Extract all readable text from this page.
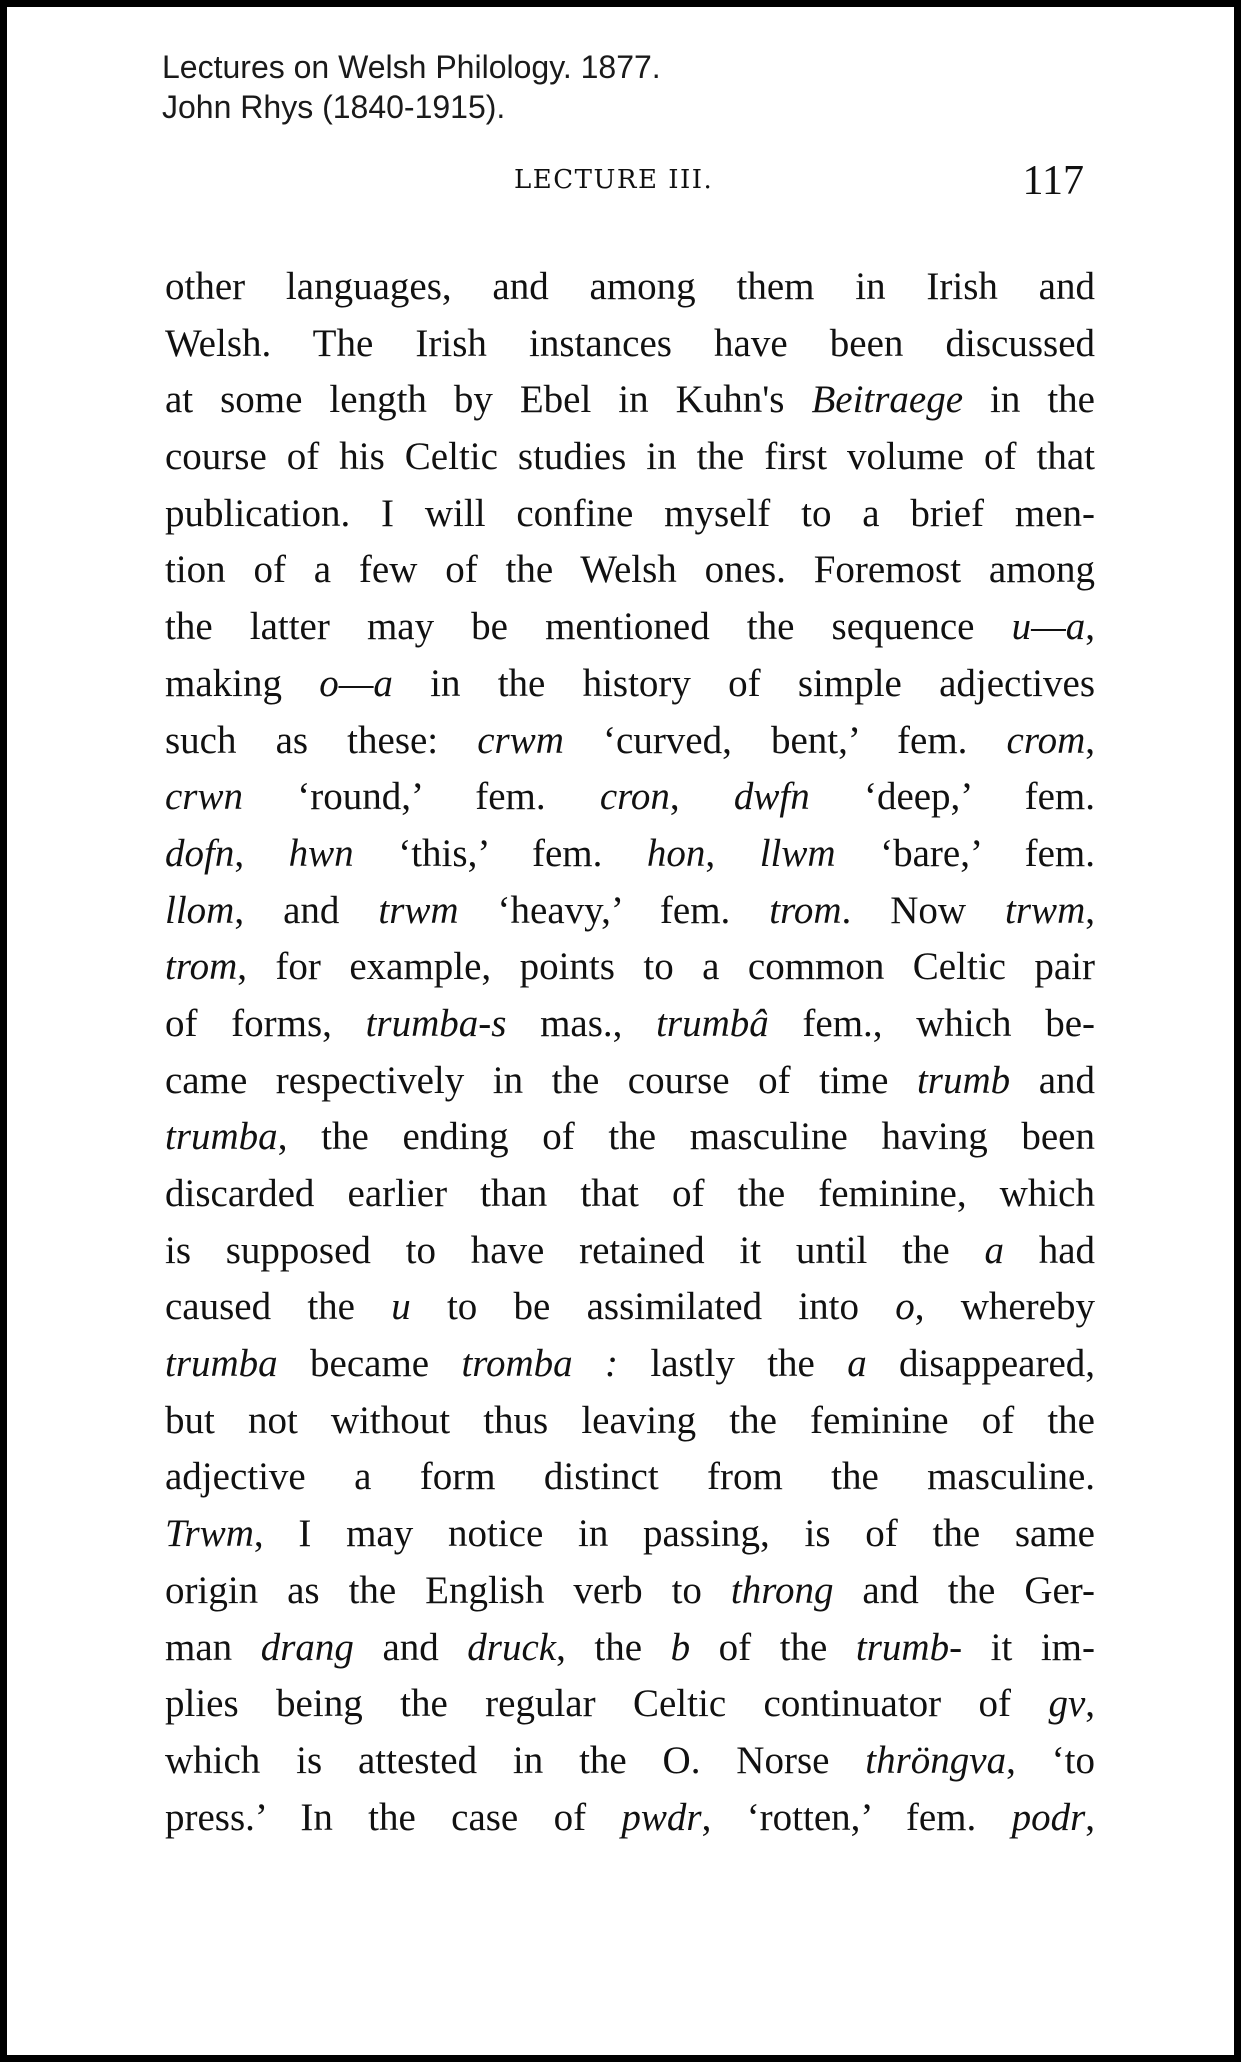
Lectures on Welsh Philology. 1877.
John Rhys (1840-1915).
LECTURE III.	117
other languages, and among them in Irish and
Welsh. The Irish instances have been discussed
at some length by Ebel in Kuhn's Beitraege in the
course of his Celtic studies in the first volume of that
publication. I will confine myself to a brief men-
tion of a few of the Welsh ones. Foremost among
the latter may be mentioned the sequence u—a,
making o—a in the history of simple adjectives
such as these: crwm ‘curved, bent,’ fem. crom,
crwn ‘round,’ fem. cron, dwfn ‘deep,’ fem.
dofn, hwn ‘this,’ fem. hon, llwm ‘bare,’ fem.
llom, and trwm ‘heavy,’ fem. trom. Now trwm,
trom, for example, points to a common Celtic pair
of forms, trumba-s mas., trumbâ fem., which be-
came respectively in the course of time trumb and
trumba, the ending of the masculine having been
discarded earlier than that of the feminine, which
is supposed to have retained it until the a had
caused the u to be assimilated into o, whereby
trumba became tromba : lastly the a disappeared,
but not without thus leaving the feminine of the
adjective a form distinct from the masculine.
Trwm, I may notice in passing, is of the same
origin as the English verb to throng and the Ger-
man drang and druck, the b of the trumb- it im-
plies being the regular Celtic continuator of gv,
which is attested in the O. Norse thröngva, ‘to
press.’ In the case of pwdr, ‘rotten,’ fem. podr,
